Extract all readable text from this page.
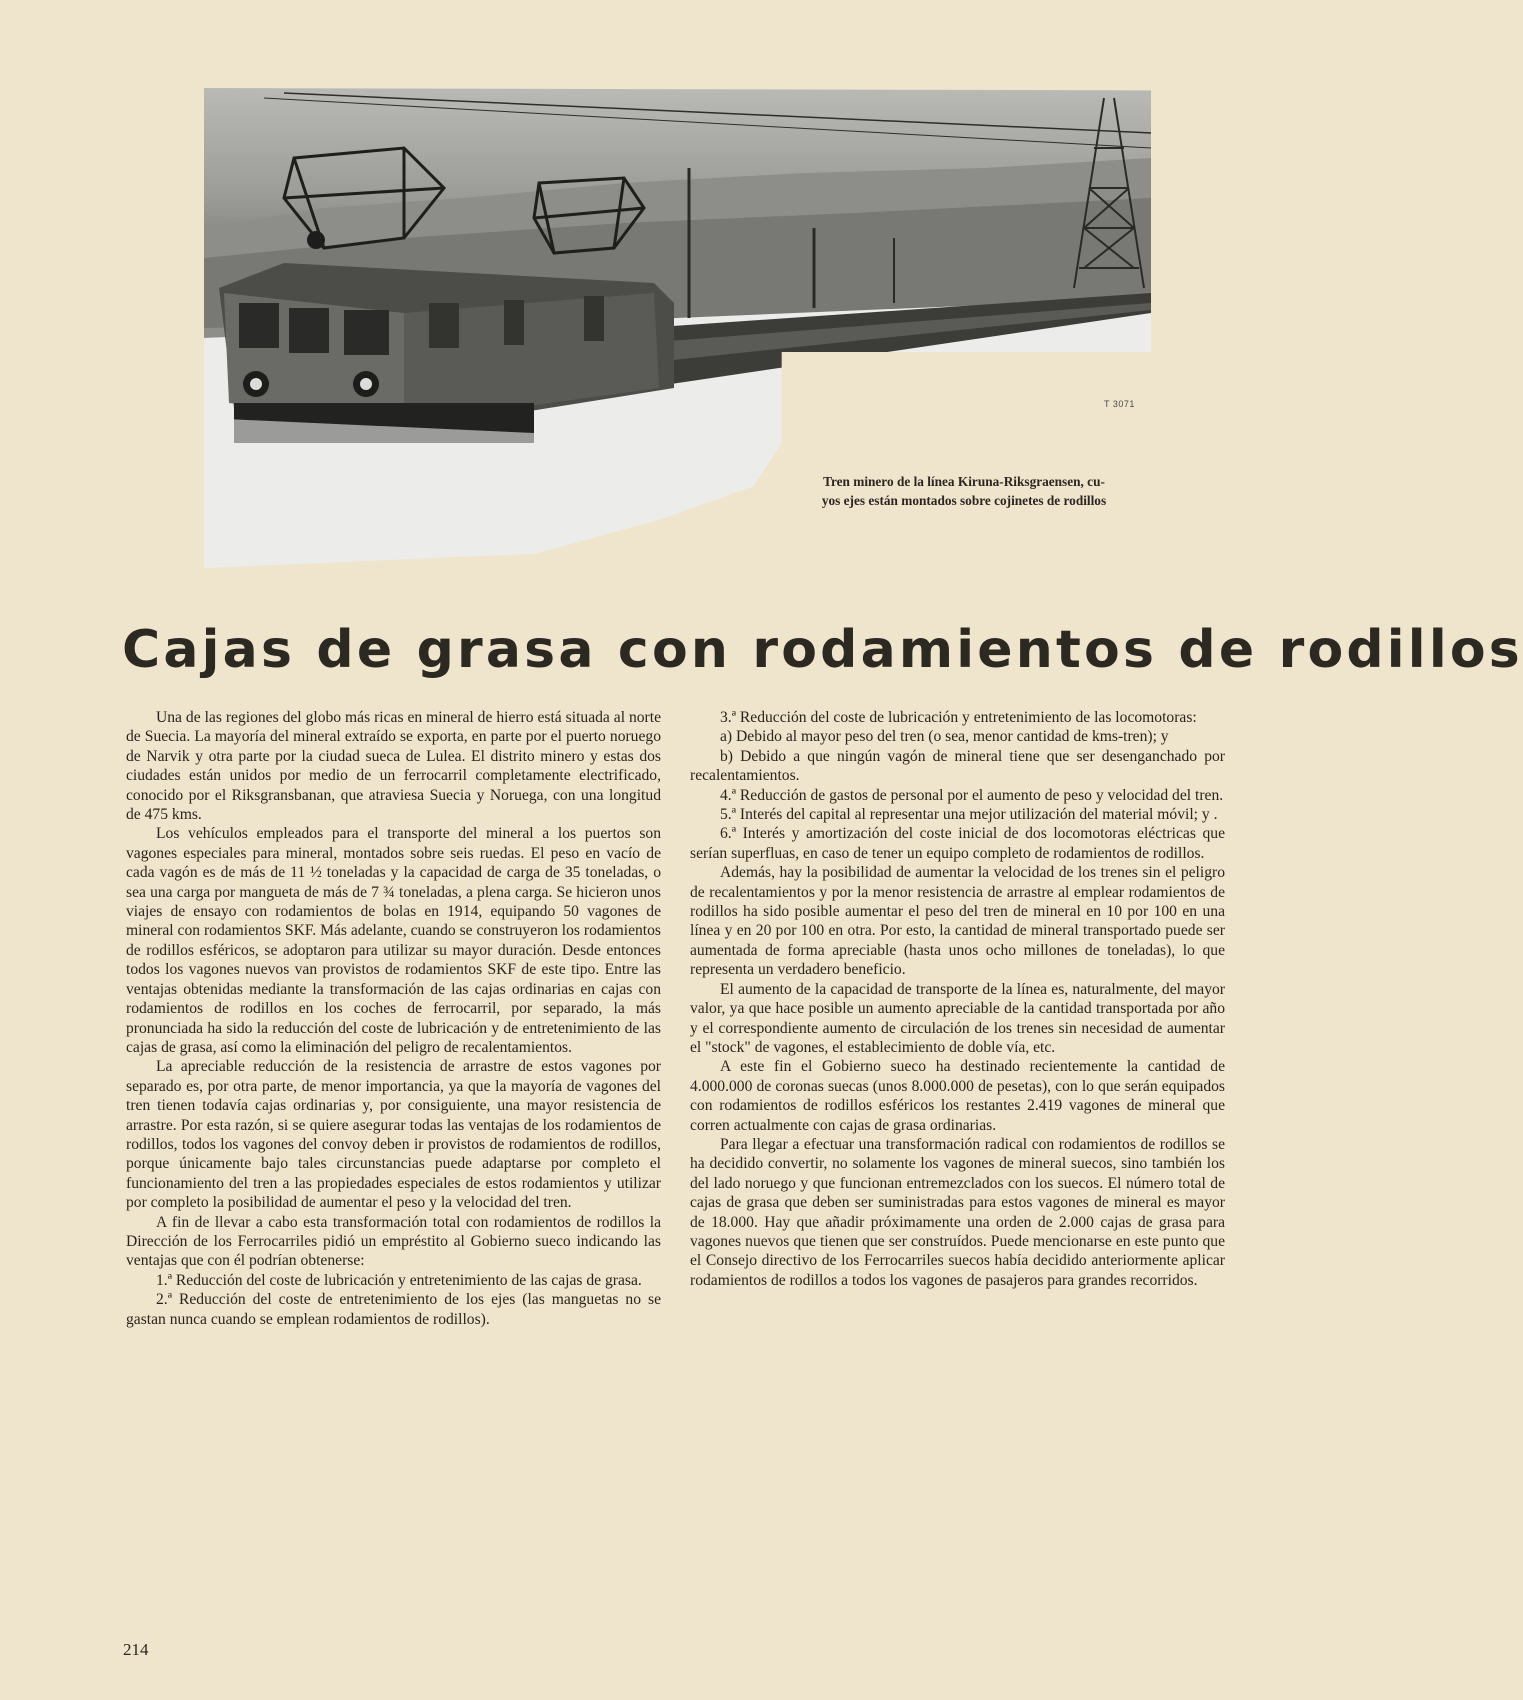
T 3071
Tren minero de la línea Kiruna-Riksgraensen, cu-
yos ejes están montados sobre cojinetes de rodillos
Cajas de grasa con rodamientos de rodillos

Una de las regiones del globo más ricas en mineral de hierro está situada al norte de Suecia. La mayoría del mineral extraído se exporta, en parte por el puerto noruego de Narvik y otra parte por la ciudad sueca de Lulea. El distrito minero y estas dos ciudades están unidos por medio de un ferrocarril completamente electrificado, conocido por el Riksgransbanan, que atraviesa Suecia y Noruega, con una longitud de 475 kms.

Los vehículos empleados para el transporte del mineral a los puertos son vagones especiales para mineral, montados sobre seis ruedas. El peso en vacío de cada vagón es de más de 11 ½ toneladas y la capacidad de carga de 35 toneladas, o sea una carga por mangueta de más de 7 ¾ toneladas, a plena carga. Se hicieron unos viajes de ensayo con rodamientos de bolas en 1914, equipando 50 vagones de mineral con rodamientos SKF. Más adelante, cuando se construyeron los rodamientos de rodillos esféricos, se adoptaron para utilizar su mayor duración. Desde entonces todos los vagones nuevos van provistos de rodamientos SKF de este tipo. Entre las ventajas obtenidas mediante la transformación de las cajas ordinarias en cajas con rodamientos de rodillos en los coches de ferrocarril, por separado, la más pronunciada ha sido la reducción del coste de lubricación y de entretenimiento de las cajas de grasa, así como la eliminación del peligro de recalentamientos.

La apreciable reducción de la resistencia de arrastre de estos vagones por separado es, por otra parte, de menor importancia, ya que la mayoría de vagones del tren tienen todavía cajas ordinarias y, por consiguiente, una mayor resistencia de arrastre. Por esta razón, si se quiere asegurar todas las ventajas de los rodamientos de rodillos, todos los vagones del convoy deben ir provistos de rodamientos de rodillos, porque únicamente bajo tales circunstancias puede adaptarse por completo el funcionamiento del tren a las propiedades especiales de estos rodamientos y utilizar por completo la posibilidad de aumentar el peso y la velocidad del tren.

A fin de llevar a cabo esta transformación total con rodamientos de rodillos la Dirección de los Ferrocarriles pidió un empréstito al Gobierno sueco indicando las ventajas que con él podrían obtenerse:

1.ª Reducción del coste de lubricación y entretenimiento de las cajas de grasa.

2.ª Reducción del coste de entretenimiento de los ejes (las manguetas no se gastan nunca cuando se emplean rodamientos de rodillos).

3.ª Reducción del coste de lubricación y entretenimiento de las locomotoras:

a) Debido al mayor peso del tren (o sea, menor cantidad de kms-tren); y

b) Debido a que ningún vagón de mineral tiene que ser desenganchado por recalentamientos.

4.ª Reducción de gastos de personal por el aumento de peso y velocidad del tren.

5.ª Interés del capital al representar una mejor utilización del material móvil; y .

6.ª Interés y amortización del coste inicial de dos locomotoras eléctricas que serían superfluas, en caso de tener un equipo completo de rodamientos de rodillos.

Además, hay la posibilidad de aumentar la velocidad de los trenes sin el peligro de recalentamientos y por la menor resistencia de arrastre al emplear rodamientos de rodillos ha sido posible aumentar el peso del tren de mineral en 10 por 100 en una línea y en 20 por 100 en otra. Por esto, la cantidad de mineral transportado puede ser aumentada de forma apreciable (hasta unos ocho millones de toneladas), lo que representa un verdadero beneficio.

El aumento de la capacidad de transporte de la línea es, naturalmente, del mayor valor, ya que hace posible un aumento apreciable de la cantidad transportada por año y el correspondiente aumento de circulación de los trenes sin necesidad de aumentar el "stock" de vagones, el establecimiento de doble vía, etc.

A este fin el Gobierno sueco ha destinado recientemente la cantidad de 4.000.000 de coronas suecas (unos 8.000.000 de pesetas), con lo que serán equipados con rodamientos de rodillos esféricos los restantes 2.419 vagones de mineral que corren actualmente con cajas de grasa ordinarias.

Para llegar a efectuar una transformación radical con rodamientos de rodillos se ha decidido convertir, no solamente los vagones de mineral suecos, sino también los del lado noruego y que funcionan entremezclados con los suecos. El número total de cajas de grasa que deben ser suministradas para estos vagones de mineral es mayor de 18.000. Hay que añadir próximamente una orden de 2.000 cajas de grasa para vagones nuevos que tienen que ser construídos. Puede mencionarse en este punto que el Consejo directivo de los Ferrocarriles suecos había decidido anteriormente aplicar rodamientos de rodillos a todos los vagones de pasajeros para grandes recorridos.

214
